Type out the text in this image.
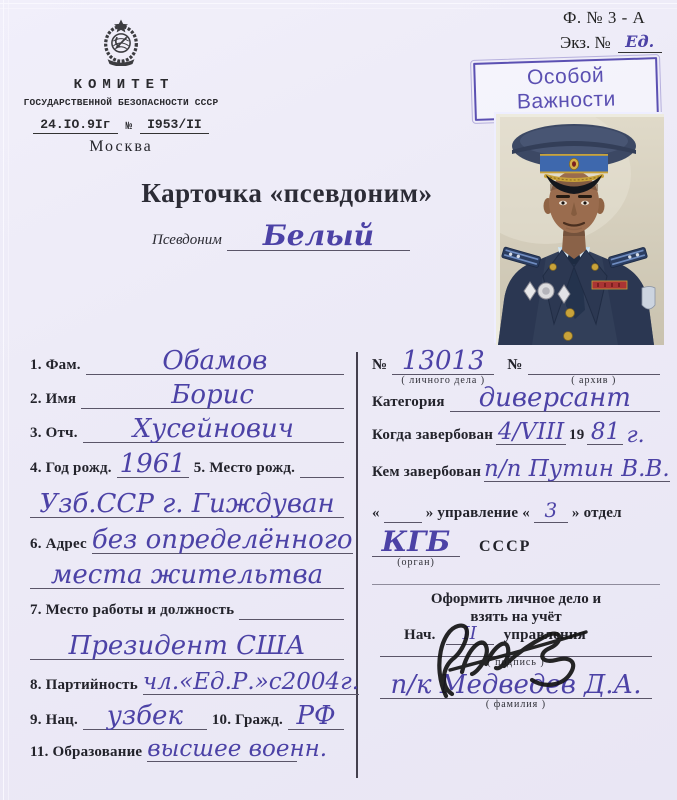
КОМИТЕТ
ГОСУДАРСТВЕННОЙ БЕЗОПАСНОСТИ СССР
24.IO.9Iг	№	I953/II
Москва
Ф. № 3 - А
Экз. № Ед.
Особой Важности
Карточка «псевдоним»
Псевдоним	Белый
1. Фам.	Обамов
2. Имя	Борис
3. Отч.	Хусейнович
4. Год рожд. 1961 5. Место рожд.
Узб.ССР г. Гиждуван
6. Адрес без определённого
места жительтва
7. Место работы и должность
Президент США
8. Партийность чл.«Ед.Р.»с2004г.
9. Нац.	узбек	10. Гражд. РФ
11. Образование высшее военн.
№ 13013
( личного дела )
№
( архив )
Категория	диверсант
Когда завербован 4/VIII 19 81 г.
Кем завербован п/п Путин В.В.
«	» управление « 3 » отдел
КГБ
(орган)
СССР
Оформить личное дело и
взять на учёт
Нач.	II	управления
( подпись )
п/к Медведев Д.А.
( фамилия )
